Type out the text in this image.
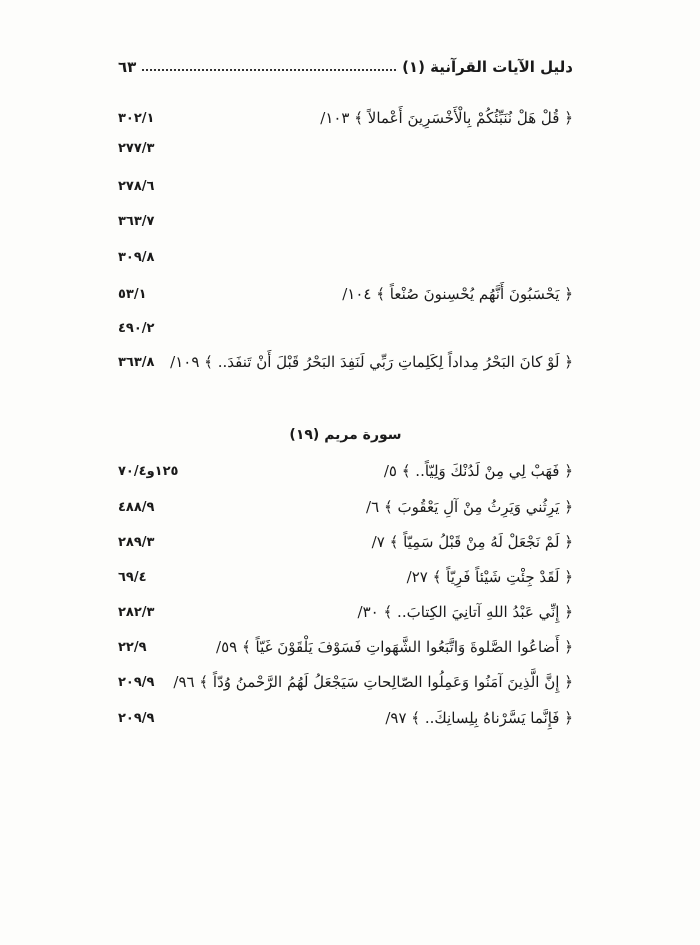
دليل الآيات القرآنية (١)
٦٣
﴿ قُلْ هَلْ نُنَبِّئُكُمْ بِالْأَخْسَرِينَ أَعْمالاً ﴾ ١٠٣/
٣٠٢/١
٢٧٧/٣
٢٧٨/٦
٣٦٣/٧
٣٠٩/٨
﴿ يَحْسَبُونَ أَنَّهُم يُحْسِنونَ صُنْعاً ﴾ ١٠٤/
٥٣/١
٤٩٠/٢
﴿ لَوْ كانَ البَحْرُ مِداداً لِكَلِماتِ رَبِّي لَنَفِدَ البَحْرُ قَبْلَ أَنْ تَنفَدَ.. ﴾ ١٠٩/
٣٦٣/٨
سورة مريم (١٩)
﴿ فَهَبْ لِي مِنْ لَدُنْكَ وَلِيّاً.. ﴾ ٥/
١٢٥و٧٠/٤
﴿ يَرِثُني وَيَرِثُ مِنْ آلِ يَعْقُوبَ ﴾ ٦/
٤٨٨/٩
﴿ لَمْ نَجْعَلْ لَهُ مِنْ قَبْلُ سَمِيّاً ﴾ ٧/
٢٨٩/٣
﴿ لَقَدْ جِئْتِ شَيْئاً فَرِيّاً ﴾ ٢٧/
٦٩/٤
﴿ إِنِّي عَبْدُ اللهِ آتانِيَ الكِتابَ.. ﴾ ٣٠/
٢٨٢/٣
﴿ أَضاعُوا الصَّلوةَ وَاتَّبَعُوا الشَّهَواتِ فَسَوْفَ يَلْقَوْنَ غَيّاً ﴾ ٥٩/
٢٢/٩
﴿ إِنَّ الَّذِينَ آمَنُوا وَعَمِلُوا الصّالِحاتِ سَيَجْعَلُ لَهُمُ الرَّحْمنُ وُدّاً ﴾ ٩٦/
٢٠٩/٩
﴿ فَإِنَّما يَسَّرْناهُ بِلِسانِكَ.. ﴾ ٩٧/
٢٠٩/٩
